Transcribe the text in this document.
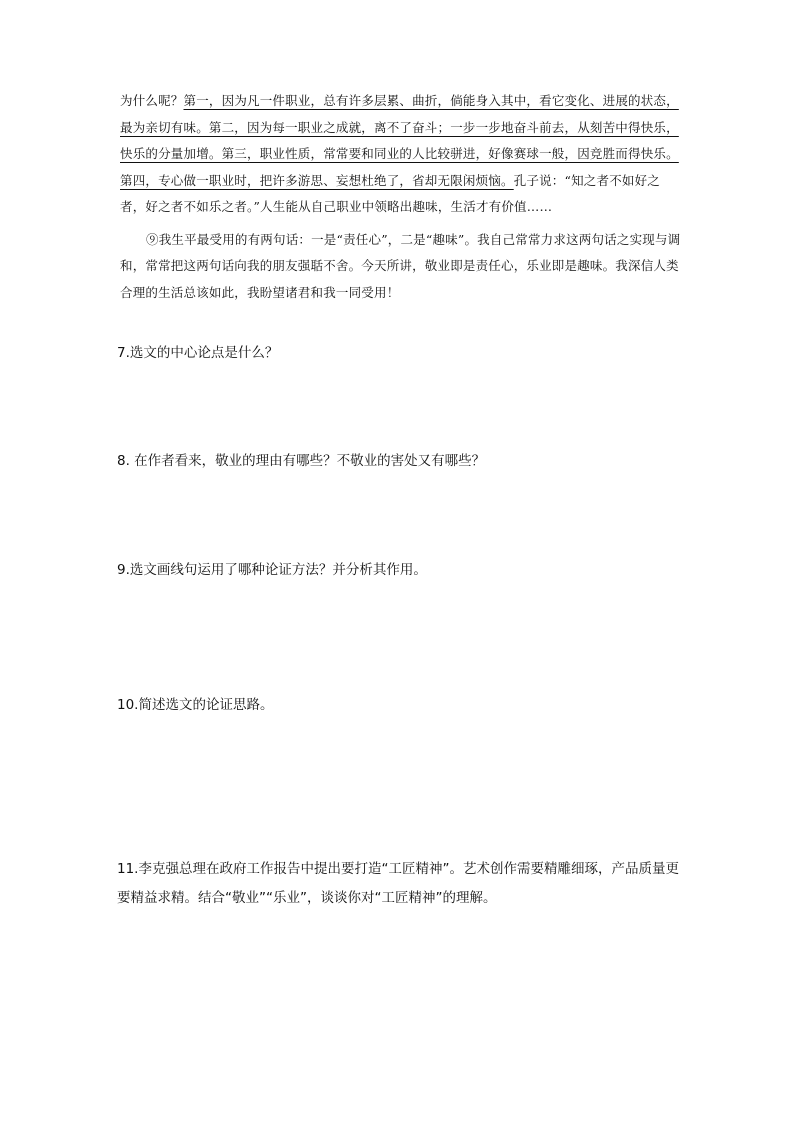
为什么呢？第一，因为凡一件职业，总有许多层累、曲折，倘能身入其中，看它变化、进展的状态，最为亲切有味。第二，因为每一职业之成就，离不了奋斗；一步一步地奋斗前去，从刻苦中得快乐，快乐的分量加增。第三，职业性质，常常要和同业的人比较骈进，好像赛球一般，因竞胜而得快乐。第四，专心做一职业时，把许多游思、妄想杜绝了，省却无限闲烦恼。孔子说：“知之者不如好之者，好之者不如乐之者。”人生能从自己职业中领略出趣味，生活才有价值……

⑨我生平最受用的有两句话：一是“责任心”，二是“趣味”。我自己常常力求这两句话之实现与调和，常常把这两句话向我的朋友强聒不舍。今天所讲，敬业即是责任心，乐业即是趣味。我深信人类合理的生活总该如此，我盼望诸君和我一同受用！

7.选文的中心论点是什么？

8. 在作者看来，敬业的理由有哪些？不敬业的害处又有哪些？

9.选文画线句运用了哪种论证方法？并分析其作用。

10.简述选文的论证思路。

11.李克强总理在政府工作报告中提出要打造“工匠精神”。艺术创作需要精雕细琢，产品质量更要精益求精。结合“敬业”“乐业”，谈谈你对“工匠精神”的理解。
